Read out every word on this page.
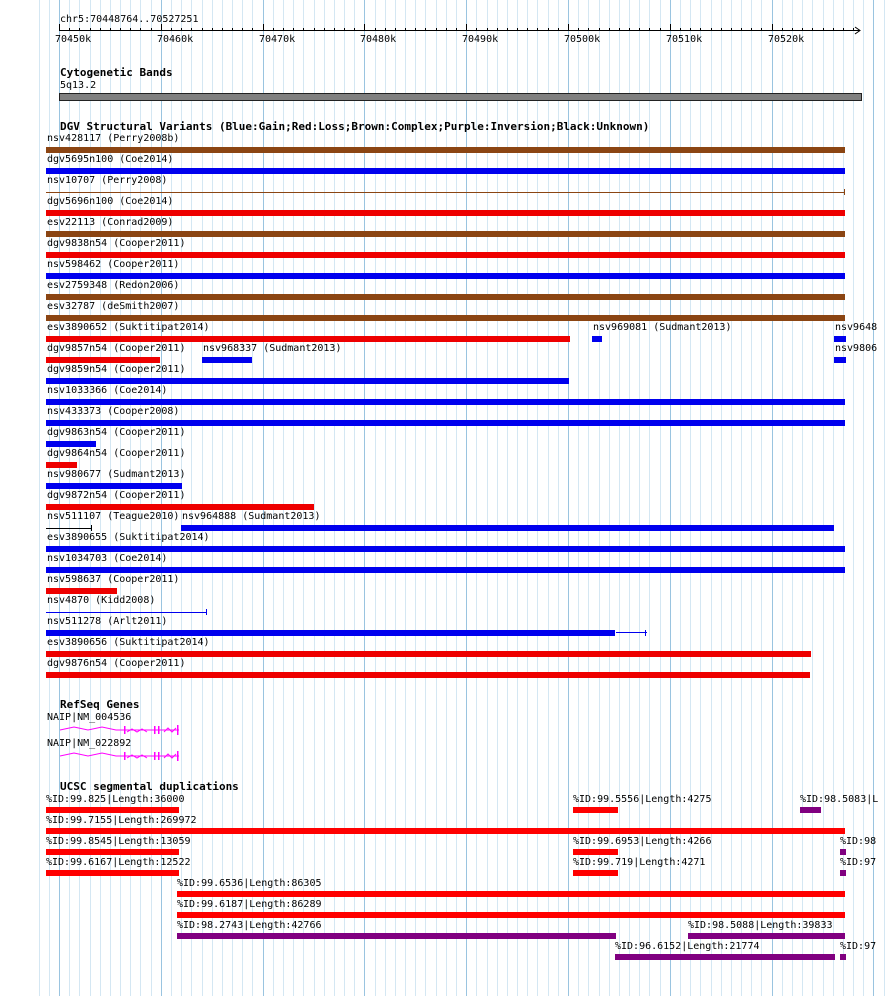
chr5:70448764..70527251
70450k	70460k	70470k	70480k	70490k	70500k	70510k	70520k
Cytogenetic Bands
5q13.2
DGV Structural Variants (Blue:Gain;Red:Loss;Brown:Complex;Purple:Inversion;Black:Unknown)
nsv428117 (Perry2008b)
dgv5695n100 (Coe2014)
nsv10707 (Perry2008)
dgv5696n100 (Coe2014)
esv22113 (Conrad2009)
dgv9838n54 (Cooper2011)
nsv598462 (Cooper2011)
esv2759348 (Redon2006)
esv32787 (deSmith2007)
esv3890652 (Suktitipat2014)	nsv969081 (Sudmant2013)	nsv9648
dgv9857n54 (Cooper2011) nsv968337 (Sudmant2013)	nsv9806
dgv9859n54 (Cooper2011)
nsv1033366 (Coe2014)
nsv433373 (Cooper2008)
dgv9863n54 (Cooper2011)
dgv9864n54 (Cooper2011)
nsv980677 (Sudmant2013)
dgv9872n54 (Cooper2011)
nsv511107 (Teague2010) nsv964888 (Sudmant2013)
esv3890655 (Suktitipat2014)
nsv1034703 (Coe2014)
nsv598637 (Cooper2011)
nsv4870 (Kidd2008)
nsv511278 (Arlt2011)
esv3890656 (Suktitipat2014)
dgv9876n54 (Cooper2011)
RefSeq Genes
NAIP|NM_004536
NAIP|NM_022892
UCSC segmental duplications
%ID:99.825|Length:36000	%ID:99.5556|Length:4275	%ID:98.5083|L
%ID:99.7155|Length:269972
%ID:99.8545|Length:13059	%ID:99.6953|Length:4266	%ID:98
%ID:99.6167|Length:12522	%ID:99.719|Length:4271	%ID:97
%ID:99.6536|Length:86305
%ID:99.6187|Length:86289
%ID:98.2743|Length:42766	%ID:98.5088|Length:39833
%ID:96.6152|Length:21774	%ID:97
